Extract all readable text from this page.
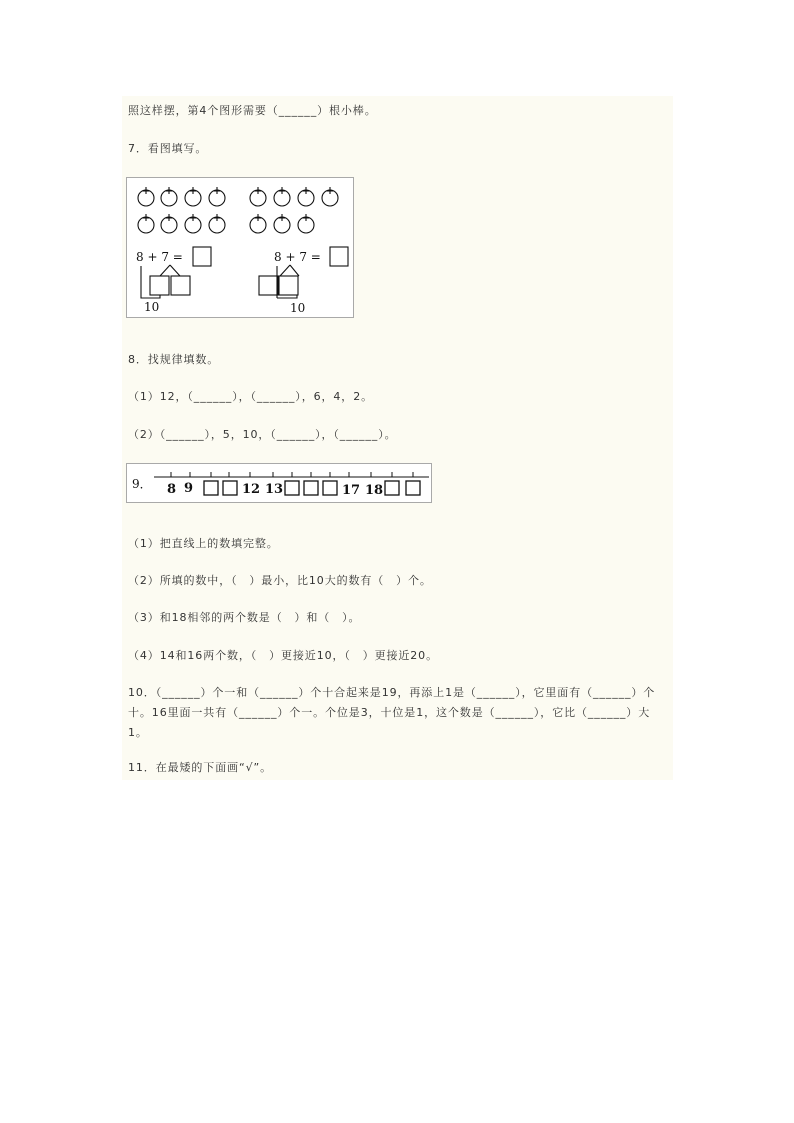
照这样摆，第4个图形需要（______）根小棒。
7．看图填写。
8 + 7 =	8 + 7 =
10	10
8．找规律填数。
（1）12，（______），（______），6，4，2。
（2）（______），5，10，（______），（______）。
9． 8 9	12 13	17 18
（1）把直线上的数填完整。
（2）所填的数中，（　）最小，比10大的数有（　）个。
（3）和18相邻的两个数是（　）和（　）。
（4）14和16两个数，（　）更接近10，（　）更接近20。
10．（______）个一和（______）个十合起来是19，再添上1是（______），它里面有（______）个十。16里面一共有（______）个一。个位是3，十位是1，这个数是（______），它比（______）大1。
11．在最矮的下面画“√”。
